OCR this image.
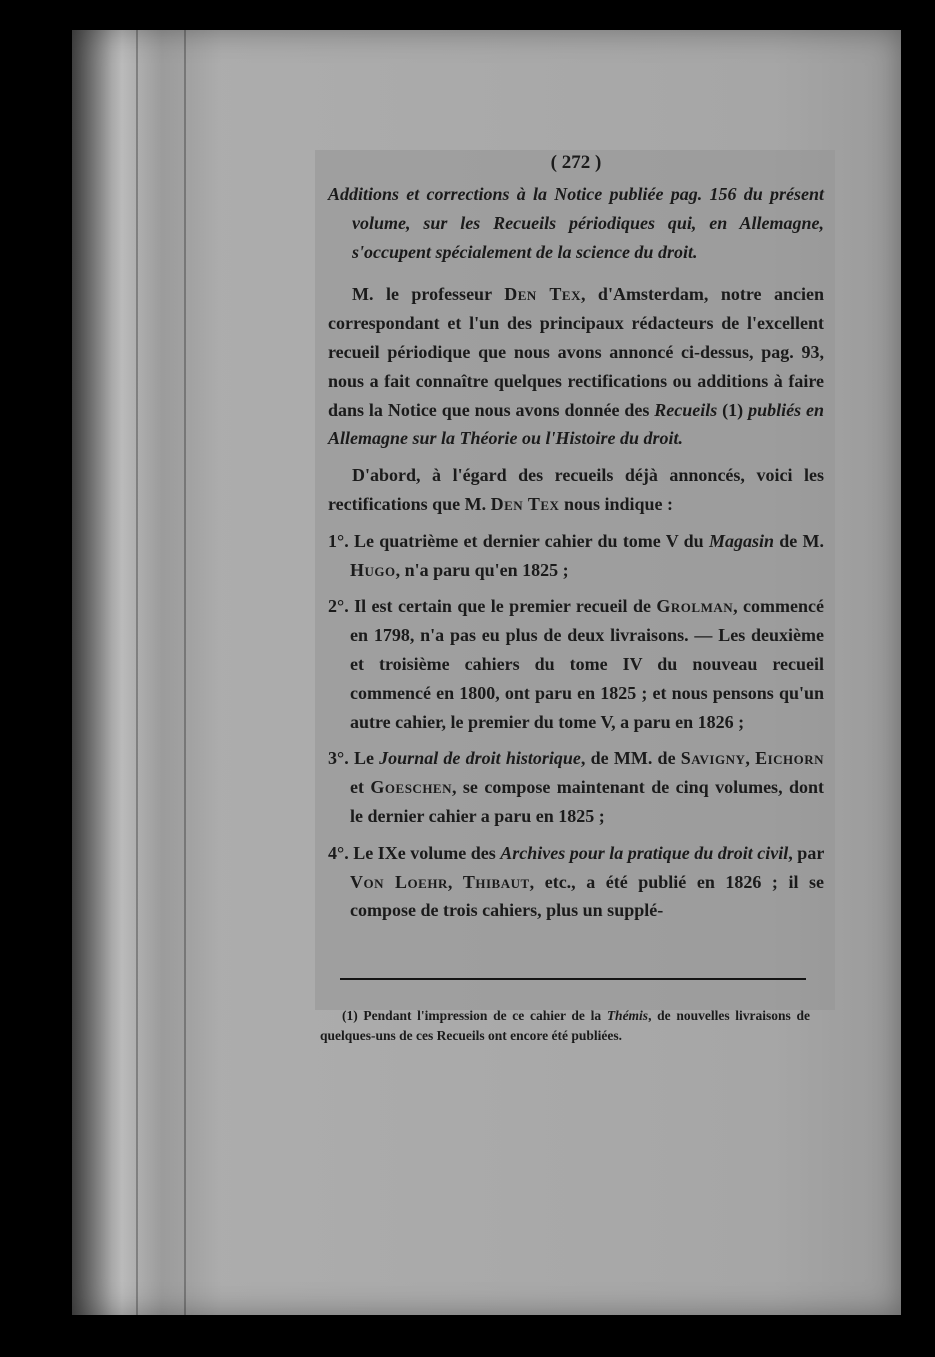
( 272 )

Additions et corrections à la Notice publiée pag. 156 du présent volume, sur les Recueils périodiques qui, en Allemagne, s'occupent spécialement de la science du droit.

M. le professeur Den Tex, d'Amsterdam, notre ancien correspondant et l'un des principaux rédacteurs de l'excellent recueil périodique que nous avons annoncé ci-dessus, pag. 93, nous a fait connaître quelques rectifications ou additions à faire dans la Notice que nous avons donnée des Recueils (1) publiés en Allemagne sur la Théorie ou l'Histoire du droit.

D'abord, à l'égard des recueils déjà annoncés, voici les rectifications que M. Den Tex nous indique :

1°. Le quatrième et dernier cahier du tome V du Magasin de M. Hugo, n'a paru qu'en 1825 ;

2°. Il est certain que le premier recueil de Grolman, commencé en 1798, n'a pas eu plus de deux livraisons. — Les deuxième et troisième cahiers du tome IV du nouveau recueil commencé en 1800, ont paru en 1825 ; et nous pensons qu'un autre cahier, le premier du tome V, a paru en 1826 ;

3°. Le Journal de droit historique, de MM. de Savigny, Eichorn et Goeschen, se compose maintenant de cinq volumes, dont le dernier cahier a paru en 1825 ;

4°. Le IXe volume des Archives pour la pratique du droit civil, par Von Loehr, Thibaut, etc., a été publié en 1826 ; il se compose de trois cahiers, plus un supplé-

(1) Pendant l'impression de ce cahier de la Thémis, de nouvelles livraisons de quelques-uns de ces Recueils ont encore été publiées.
